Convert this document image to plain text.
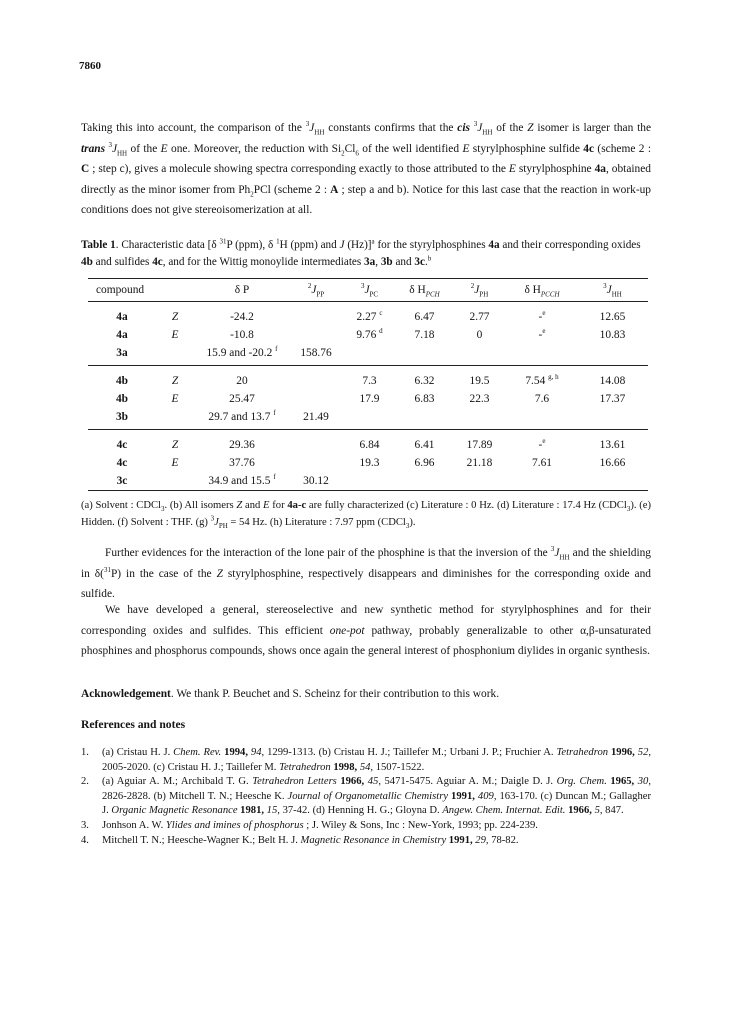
7860
Taking this into account, the comparison of the $^3J_{HH}$ constants confirms that the cis $^3J_{HH}$ of the Z isomer is larger than the trans $^3J_{HH}$ of the E one. Moreover, the reduction with $Si_2Cl_6$ of the well identified E styrylphosphine sulfide 4c (scheme 2 : C ; step c), gives a molecule showing spectra corresponding exactly to those attributed to the E styrylphosphine 4a, obtained directly as the minor isomer from $Ph_2PCl$ (scheme 2 : A ; step a and b). Notice for this last case that the reaction in work-up conditions does not give stereoisomerization at all.
Table 1. Characteristic data [δ $^{31}$P (ppm), δ $^1$H (ppm) and J (Hz)]$^a$ for the styrylphosphines 4a and their corresponding oxides 4b and sulfides 4c, and for the Wittig monoylide intermediates 3a, 3b and 3c.$^b$
compound		δ P	$^2J_{PP}$	$^3J_{PC}$	δ $H_{PCH}$	$^2J_{PH}$	δ $H_{PCCH}$	$^3J_{HH}$
4a	Z	-24.2		2.27 $^c$	6.47	2.77	-$^e$	12.65
4a	E	-10.8		9.76 $^d$	7.18	0	-$^e$	10.83
3a		15.9 and -20.2 $^f$	158.76					
4b	Z	20		7.3	6.32	19.5	7.54 $^{g, h}$	14.08
4b	E	25.47		17.9	6.83	22.3	7.6	17.37
3b		29.7 and 13.7 $^f$	21.49					
4c	Z	29.36		6.84	6.41	17.89	-$^e$	13.61
4c	E	37.76		19.3	6.96	21.18	7.61	16.66
3c		34.9 and 15.5 $^f$	30.12					
(a) Solvent : CDCl$_3$. (b) All isomers Z and E for 4a-c are fully characterized (c) Literature : 0 Hz. (d) Literature : 17.4 Hz (CDCl$_3$). (e) Hidden. (f) Solvent : THF. (g) $^3J_{PH} = 54$ Hz. (h) Literature : 7.97 ppm (CDCl$_3$).
Further evidences for the interaction of the lone pair of the phosphine is that the inversion of the $^3J_{HH}$ and the shielding in δ($^{31}$P) in the case of the Z styrylphosphine, respectively disappears and diminishes for the corresponding oxide and sulfide.
We have developed a general, stereoselective and new synthetic method for styrylphosphines and for their corresponding oxides and sulfides. This efficient one-pot pathway, probably generalizable to other α,β-unsaturated phosphines and phosphorus compounds, shows once again the general interest of phosphonium diylides in organic synthesis.
Acknowledgement. We thank P. Beuchet and S. Scheinz for their contribution to this work.
References and notes
1. (a) Cristau H. J. Chem. Rev. 1994, 94, 1299-1313. (b) Cristau H. J.; Taillefer M.; Urbani J. P.; Fruchier A. Tetrahedron 1996, 52, 2005-2020. (c) Cristau H. J.; Taillefer M. Tetrahedron 1998, 54, 1507-1522.
2. (a) Aguiar A. M.; Archibald T. G. Tetrahedron Letters 1966, 45, 5471-5475. Aguiar A. M.; Daigle D. J. Org. Chem. 1965, 30, 2826-2828. (b) Mitchell T. N.; Heesche K. Journal of Organometallic Chemistry 1991, 409, 163-170. (c) Duncan M.; Gallagher J. Organic Magnetic Resonance 1981, 15, 37-42. (d) Henning H. G.; Gloyna D. Angew. Chem. Internat. Edit. 1966, 5, 847.
3. Jonhson A. W. Ylides and imines of phosphorus ; J. Wiley & Sons, Inc : New-York, 1993; pp. 224-239.
4. Mitchell T. N.; Heesche-Wagner K.; Belt H. J. Magnetic Resonance in Chemistry 1991, 29, 78-82.
